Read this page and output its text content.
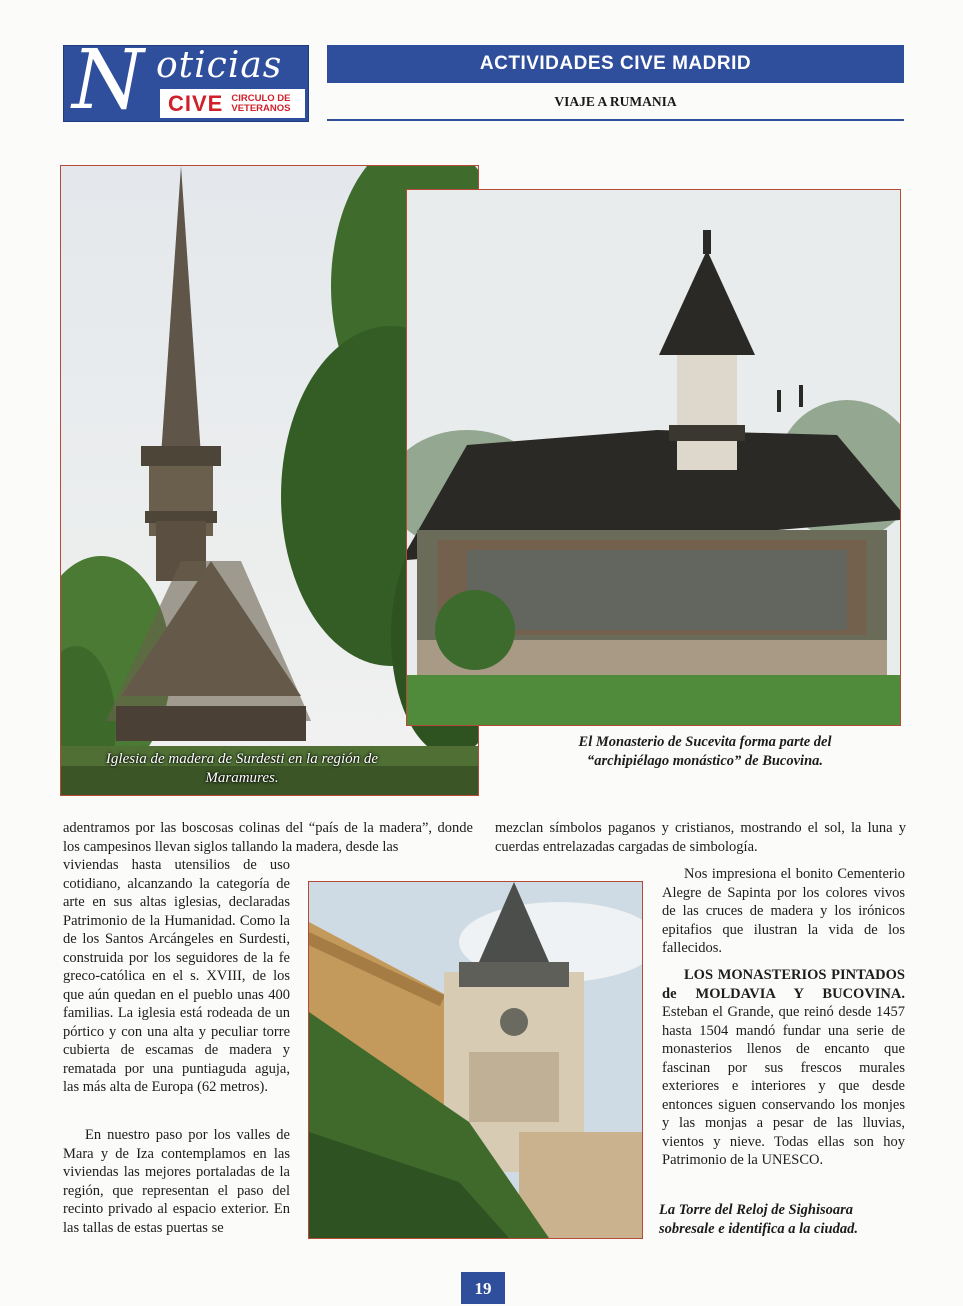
N oticias
CIVE CIRCULO DE
VETERANOS
ACTIVIDADES CIVE MADRID
VIAJE A RUMANIA
Iglesia de madera de Surdesti en la región de Maramures.
El Monasterio de Sucevita forma parte del
“archipiélago monástico” de Bucovina.
La Torre del Reloj de Sighisoara
sobresale e identifica a la ciudad.
adentramos por las boscosas colinas del “país de la madera”, donde los campesinos llevan siglos tallando la madera, desde las
viviendas hasta utensilios de uso cotidiano, alcanzando la categoría de arte en sus altas iglesias, declaradas Patrimonio de la Humanidad. Como la de los Santos Arcángeles en Surdesti, construida por los seguidores de la fe greco-católica en el s. XVIII, de los que aún quedan en el pueblo unas 400 familias. La iglesia está rodeada de un pórtico y con una alta y peculiar torre cubierta de escamas de madera y rematada por una puntiaguda aguja, las más alta de Europa (62 metros).
En nuestro paso por los valles de Mara y de Iza contemplamos en las viviendas las mejores portaladas de la región, que representan el paso del recinto privado al espacio exterior. En las tallas de estas puertas se
mezclan símbolos paganos y cristianos, mostrando el sol, la luna y cuerdas entrelazadas cargadas de simbología.
Nos impresiona el bonito Cementerio Alegre de Sapinta por los colores vivos de las cruces de madera y los irónicos epitafios que ilustran la vida de los fallecidos.
LOS MONASTERIOS PINTADOS de MOLDAVIA Y BUCOVINA. Esteban el Grande, que reinó desde 1457 hasta 1504 mandó fundar una serie de monasterios llenos de encanto que fascinan por sus frescos murales exteriores e interiores y que desde entonces siguen conservando los monjes y las monjas a pesar de las lluvias, vientos y nieve. Todas ellas son hoy Patrimonio de la UNESCO.
19
